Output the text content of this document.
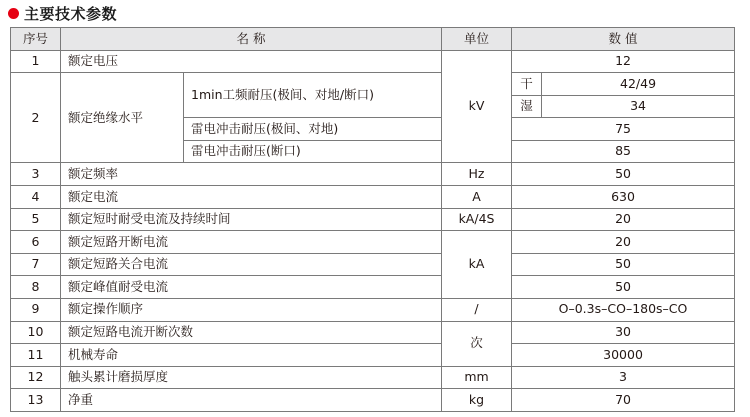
主要技术参数
序号	名 称		单位	数 值	
1	额定电压		kV	12	
2	额定绝缘水平	1min工频耐压(极间、对地/断口)		干	42/49
				湿	34
		雷电冲击耐压(极间、对地)		75	
		雷电冲击耐压(断口)		85	
3	额定频率		Hz	50	
4	额定电流		A	630	
5	额定短时耐受电流及持续时间		kA/4S	20	
6	额定短路开断电流		kA	20	
7	额定短路关合电流			50	
8	额定峰值耐受电流			50	
9	额定操作顺序		/	O–0.3s–CO–180s–CO	
10	额定短路电流开断次数		次	30	
11	机械寿命			30000	
12	触头累计磨损厚度		mm	3	
13	净重		kg	70	
